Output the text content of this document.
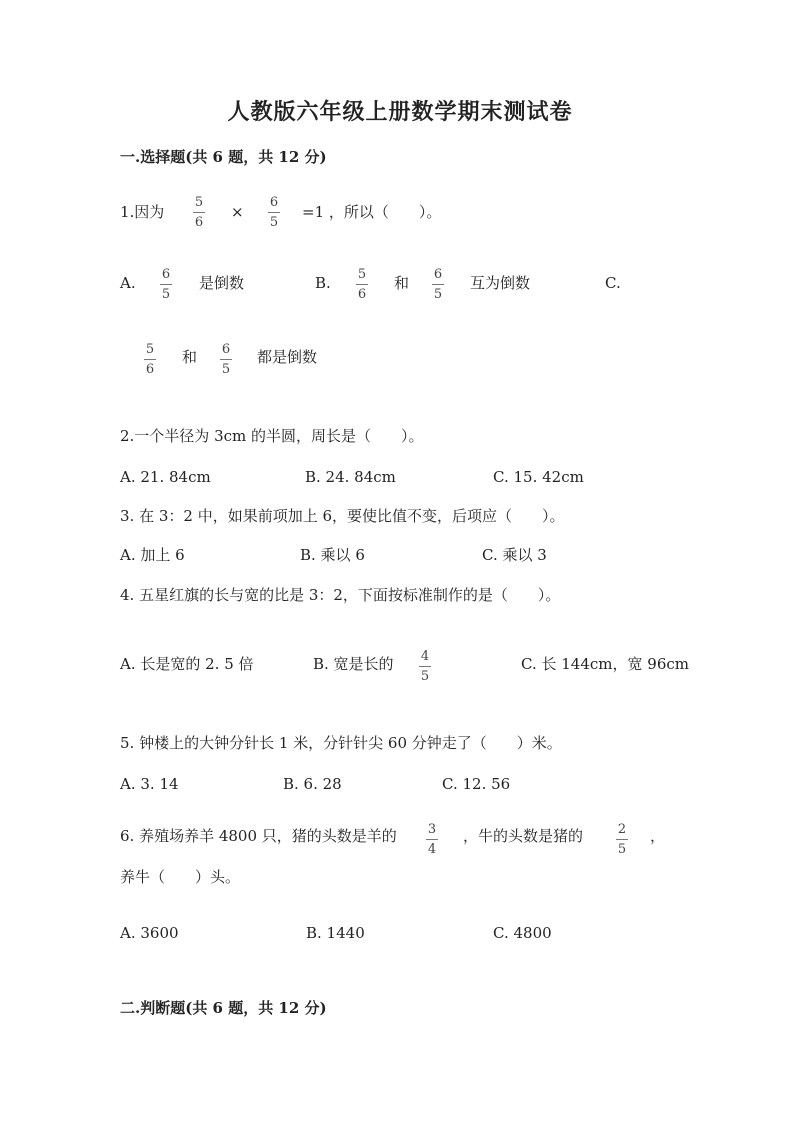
人教版六年级上册数学期末测试卷
一.选择题(共 6 题，共 12 分)
1.因为
5
6
×
6
5
=1 ，所以（　　）。
A. 6
5
是倒数	B. 5
6
和 6
5
互为倒数	C.
5
6
和 6
5
都是倒数
2.一个半径为 3cm 的半圆，周长是（　　）。
A. 21. 84cm	B. 24. 84cm	C. 15. 42cm
3. 在 3：2 中，如果前项加上 6，要使比值不变，后项应（　　）。
A. 加上 6	B. 乘以 6	C. 乘以 3
4. 五星红旗的长与宽的比是 3：2，下面按标准制作的是（　　）。
A. 长是宽的 2. 5 倍	B. 宽是长的 4
5
C. 长 144cm，宽 96cm
5. 钟楼上的大钟分针长 1 米，分针针尖 60 分钟走了（　　）米。
A. 3. 14	B. 6. 28	C. 12. 56
6. 养殖场养羊 4800 只，猪的头数是羊的 3
4
，牛的头数是猪的	2
5
，
养牛（　　）头。
A. 3600	B. 1440	C. 4800
二.判断题(共 6 题，共 12 分)
